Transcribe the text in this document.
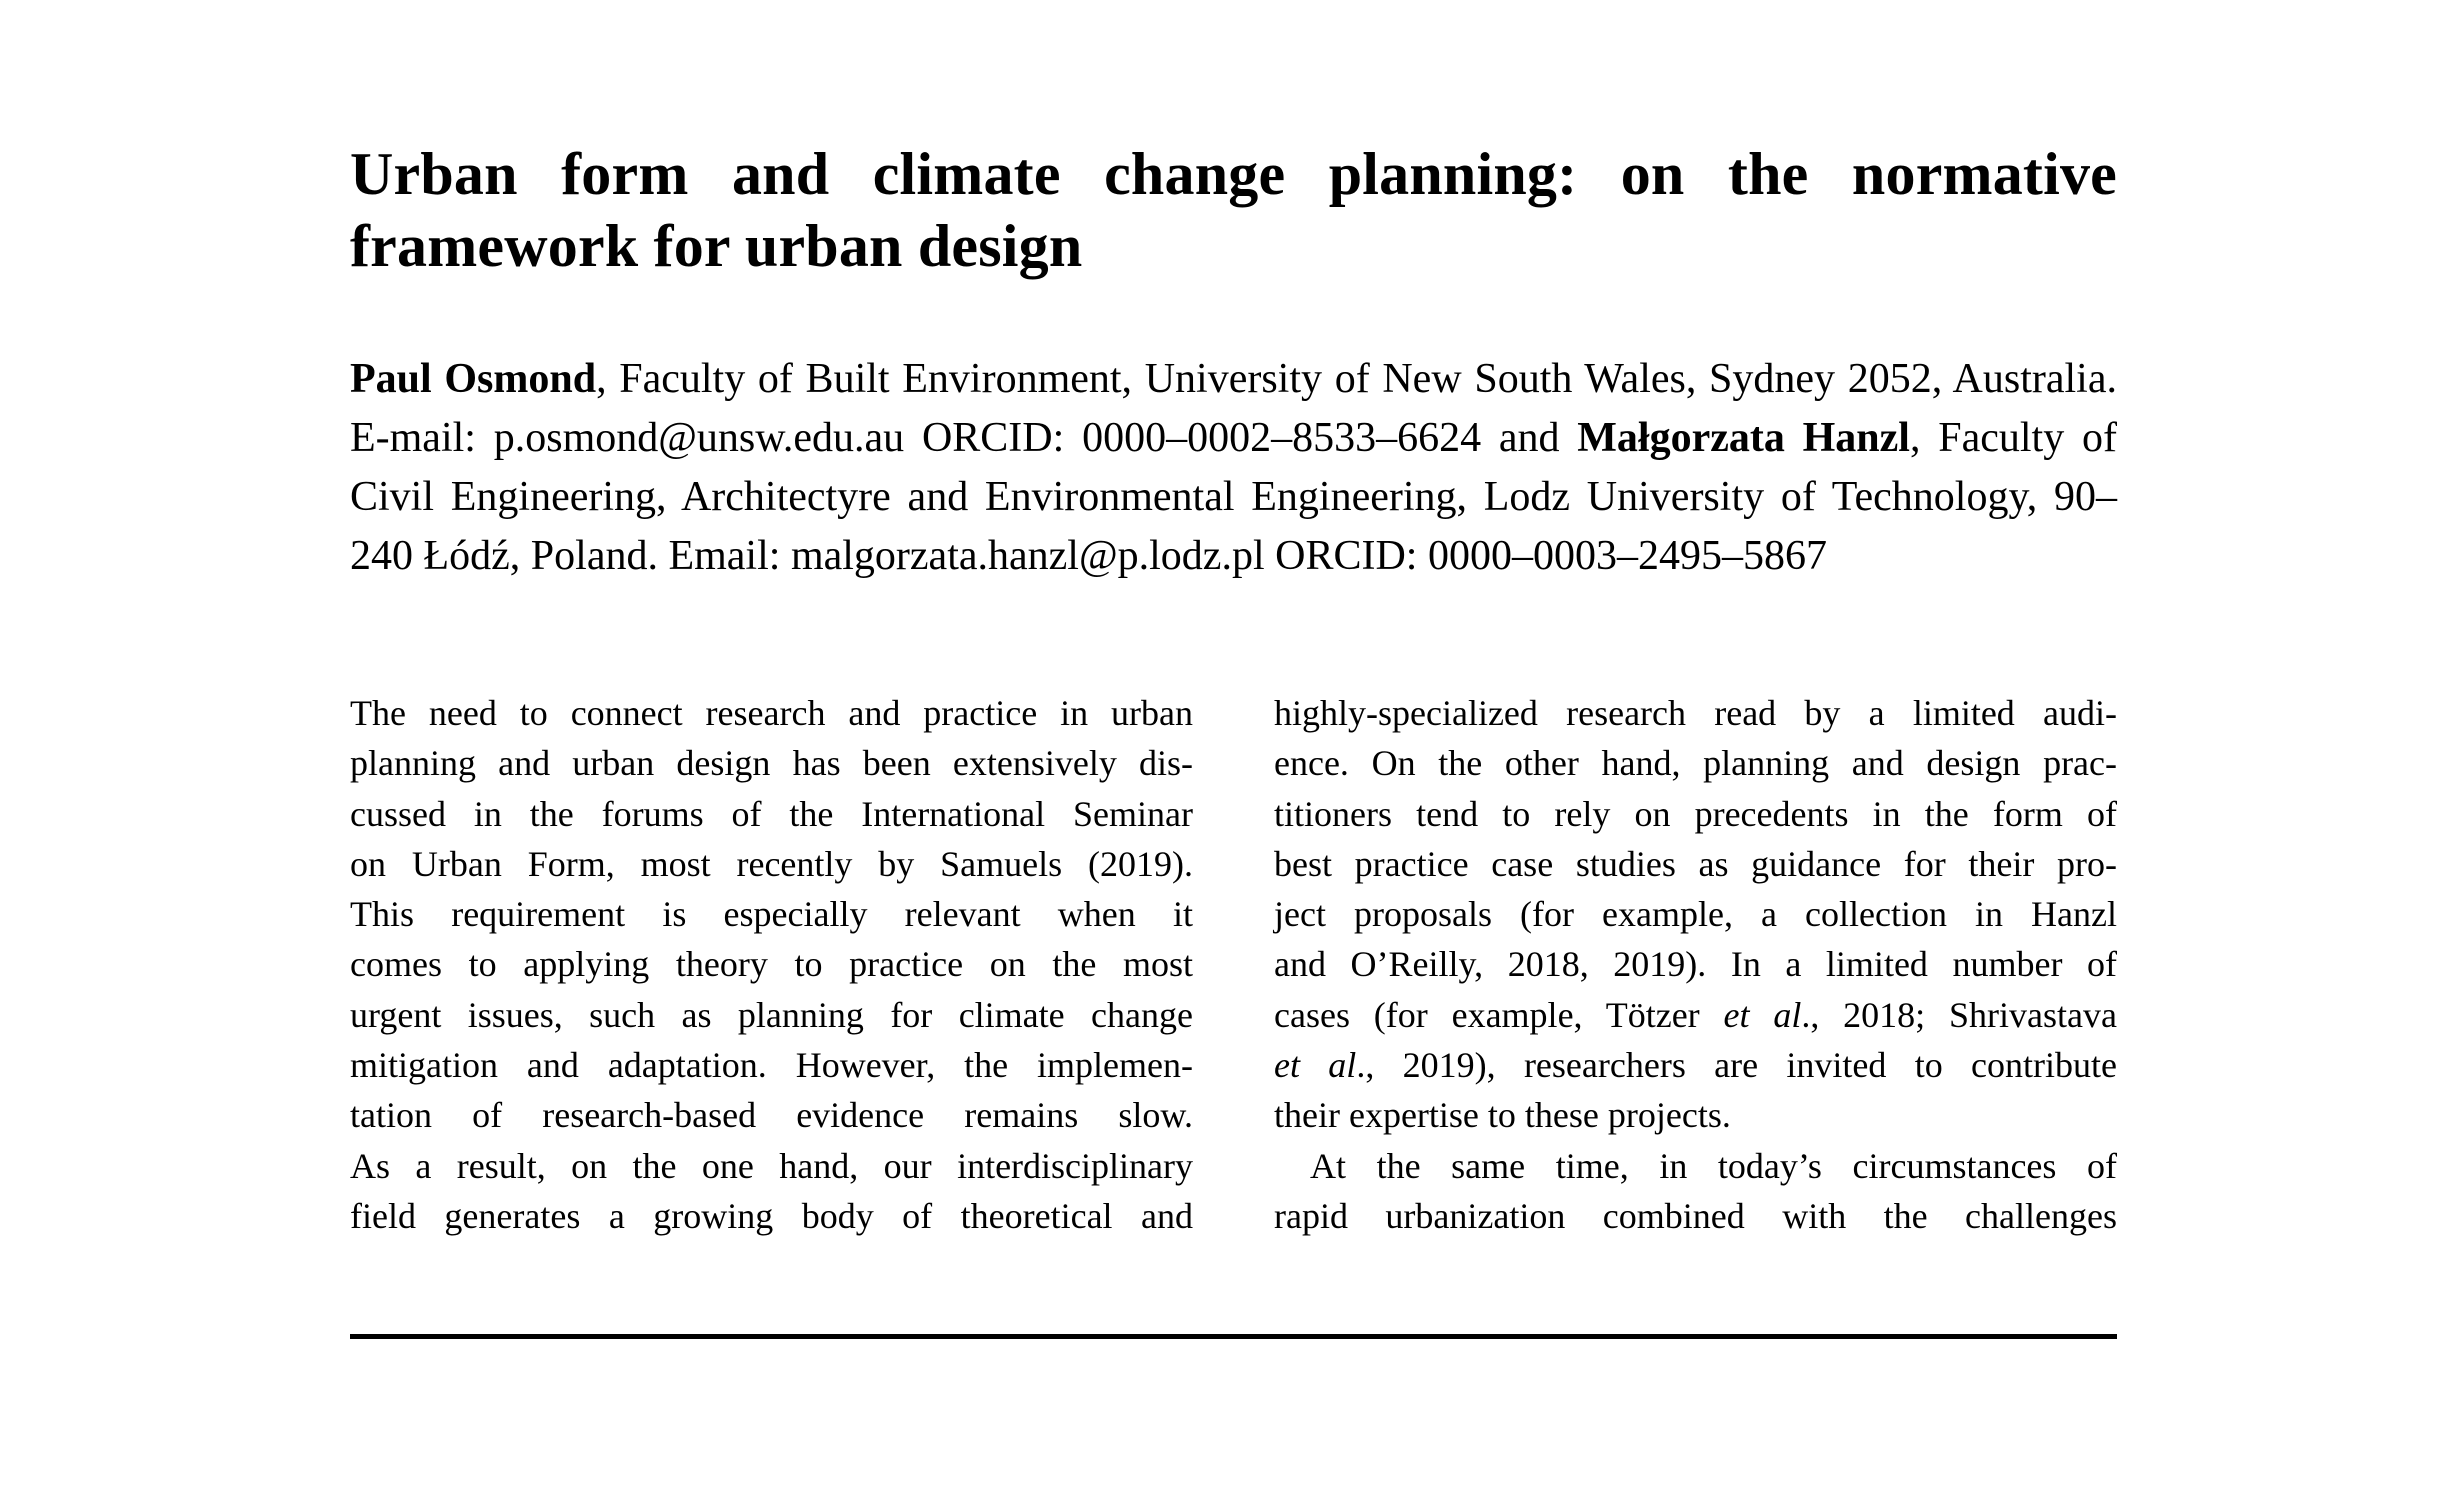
Urban form and climate change planning: on the normative framework for urban design

Paul Osmond, Faculty of Built Environment, University of New South Wales, Sydney 2052, Australia. E-mail: p.osmond@unsw.edu.au ORCID: 0000–0002–8533–6624 and Małgorzata Hanzl, Faculty of Civil Engineering, Architectyre and Environmental Engineering, Lodz University of Technology, 90–240 Łódź, Poland. Email: malgorzata.hanzl@p.lodz.pl ORCID: 0000–0003–2495–5867

The need to connect research and practice in urban
planning and urban design has been extensively dis-
cussed in the forums of the International Seminar
on Urban Form, most recently by Samuels (2019).
This requirement is especially relevant when it
comes to applying theory to practice on the most
urgent issues, such as planning for climate change
mitigation and adaptation. However, the implemen-
tation of research-based evidence remains slow.
As a result, on the one hand, our interdisciplinary
field generates a growing body of theoretical and

highly-specialized research read by a limited audi-
ence. On the other hand, planning and design prac-
titioners tend to rely on precedents in the form of
best practice case studies as guidance for their pro-
ject proposals (for example, a collection in Hanzl
and O’Reilly, 2018, 2019). In a limited number of
cases (for example, Tötzer et al., 2018; Shrivastava
et al., 2019), researchers are invited to contribute
their expertise to these projects.

At the same time, in today’s circumstances of
rapid urbanization combined with the challenges
